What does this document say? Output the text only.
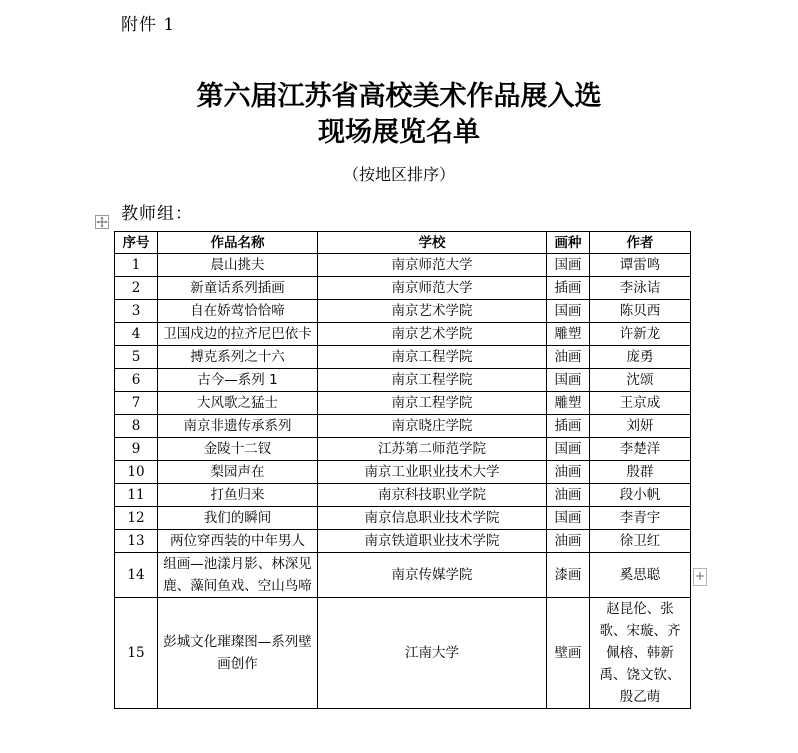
附件 1
第六届江苏省高校美术作品展入选
现场展览名单
（按地区排序）
教师组：
序号	作品名称	学校	画种	作者
1	晨山挑夫	南京师范大学	国画	谭雷鸣
2	新童话系列插画	南京师范大学	插画	李泳诘
3	自在娇莺恰恰啼	南京艺术学院	国画	陈贝西
4	卫国戍边的拉齐尼巴依卡	南京艺术学院	雕塑	许新龙
5	搏克系列之十六	南京工程学院	油画	庞勇
6	古今—系列 1	南京工程学院	国画	沈颂
7	大风歌之猛士	南京工程学院	雕塑	王京成
8	南京非遗传承系列	南京晓庄学院	插画	刘妍
9	金陵十二钗	江苏第二师范学院	国画	李楚洋
10	梨园声在	南京工业职业技术大学	油画	殷群
11	打鱼归来	南京科技职业学院	油画	段小帆
12	我们的瞬间	南京信息职业技术学院	国画	李青宇
13	两位穿西装的中年男人	南京铁道职业技术学院	油画	徐卫红
14	组画—池漾月影、林深见鹿、藻间鱼戏、空山鸟啼	南京传媒学院	漆画	奚思聪
15	彭城文化璀璨图—系列壁画创作	江南大学	壁画	赵昆伦、张歌、宋璇、齐佩榕、韩新禹、饶文钦、殷乙萌
+
